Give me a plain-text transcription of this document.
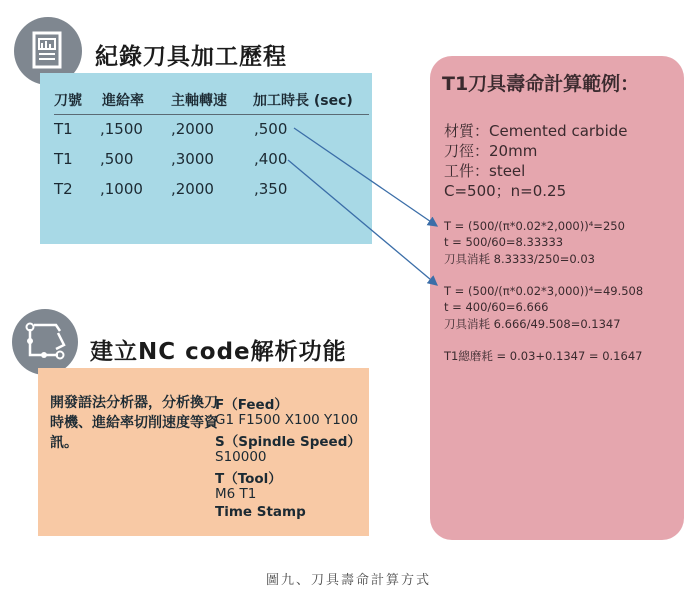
紀錄刀具加工歷程
刀號 進給率 主軸轉速 加工時長 (sec)
T1 ,1500 ,2000	,500
T1 ,500	,3000	,400
T2 ,1000 ,2000	,350
建立NC code解析功能
開發語法分析器，分析換刀時機、進給率切削速度等資訊。
F（Feed）
G1 F1500 X100 Y100
S（Spindle Speed）
S10000
T（Tool）
M6 T1
Time Stamp
T1刀具壽命計算範例：
材質：Cemented carbide
刀徑：20mm
工件：steel
C=500；n=0.25
T = (500/(π*0.02*2,000))⁴=250
t = 500/60=8.33333
刀具消耗 8.3333/250=0.03
T = (500/(π*0.02*3,000))⁴=49.508
t = 400/60=6.666
刀具消耗 6.666/49.508=0.1347
T1總磨耗 = 0.03+0.1347 = 0.1647
圖九、刀具壽命計算方式
